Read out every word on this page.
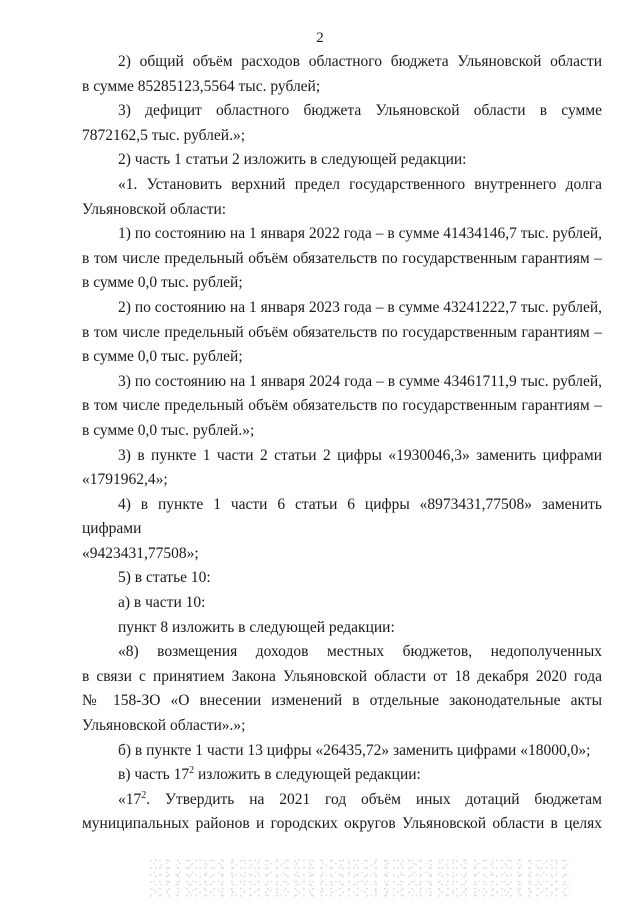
2
2) общий объём расходов областного бюджета Ульяновской области
в сумме 85285123,5564 тыс. рублей;
3) дефицит областного бюджета Ульяновской области в сумме
7872162,5 тыс. рублей.»;
2) часть 1 статьи 2 изложить в следующей редакции:
«1. Установить верхний предел государственного внутреннего долга
Ульяновской области:
1) по состоянию на 1 января 2022 года – в сумме 41434146,7 тыс. рублей,
в том числе предельный объём обязательств по государственным гарантиям –
в сумме 0,0 тыс. рублей;
2) по состоянию на 1 января 2023 года – в сумме 43241222,7 тыс. рублей,
в том числе предельный объём обязательств по государственным гарантиям –
в сумме 0,0 тыс. рублей;
3) по состоянию на 1 января 2024 года – в сумме 43461711,9 тыс. рублей,
в том числе предельный объём обязательств по государственным гарантиям –
в сумме 0,0 тыс. рублей.»;
3) в пункте 1 части 2 статьи 2 цифры «1930046,3» заменить цифрами
«1791962,4»;
4) в пункте 1 части 6 статьи 6 цифры «8973431,77508» заменить цифрами
«9423431,77508»;
5) в статье 10:
а) в части 10:
пункт 8 изложить в следующей редакции:
«8) возмещения доходов местных бюджетов, недополученных
в связи с принятием Закона Ульяновской области от 18 декабря 2020 года
№ 158-ЗО «О внесении изменений в отдельные законодательные акты
Ульяновской области».»;
б) в пункте 1 части 13 цифры «26435,72» заменить цифрами «18000,0»;
в) часть $17^2$ изложить в следующей редакции:
«$17^2$. Утвердить на 2021 год объём иных дотаций бюджетам
муниципальных районов и городских округов Ульяновской области в целях
